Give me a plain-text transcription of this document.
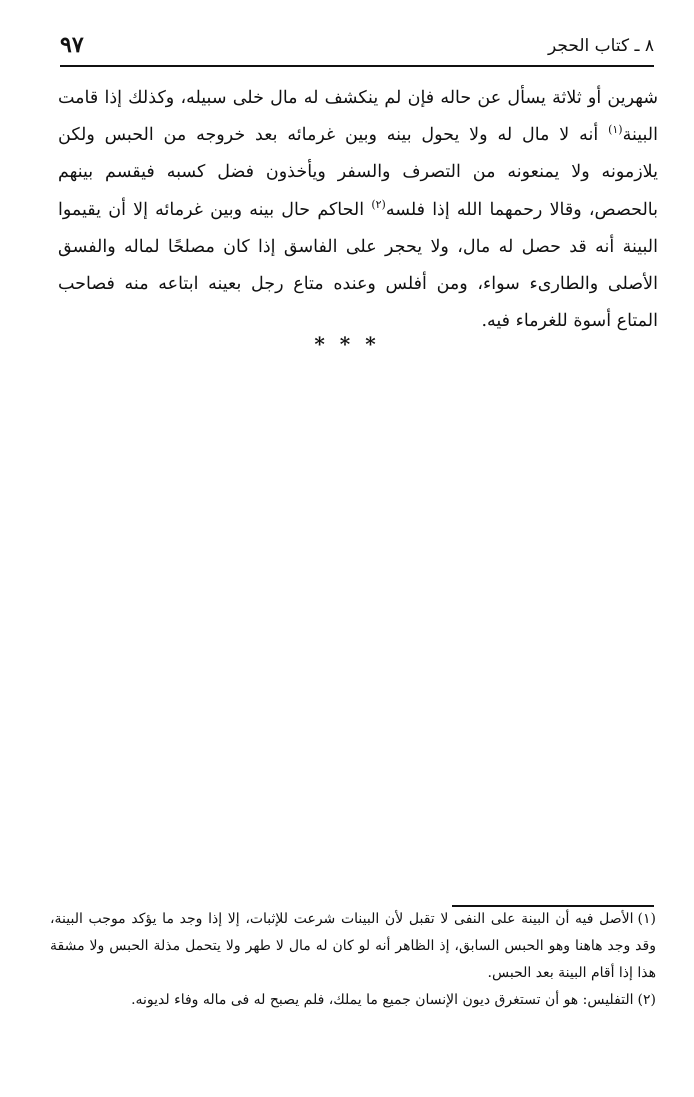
٩٧	٨ ـ كتاب الحجر

شهرين أو ثلاثة يسأل عن حاله فإن لم ينكشف له مال خلى سبيله، وكذلك إذا قامت البينة$^{(١)}$ أنه لا مال له ولا يحول بينه وبين غرمائه بعد خروجه من الحبس ولكن يلازمونه ولا يمنعونه من التصرف والسفر ويأخذون فضل كسبه فيقسم بينهم بالحصص، وقالا رحمهما الله إذا فلسه$^{(٢)}$ الحاكم حال بينه وبين غرمائه إلا أن يقيموا البينة أنه قد حصل له مال، ولا يحجر على الفاسق إذا كان مصلحًا لماله والفسق الأصلى والطارىء سواء، ومن أفلس وعنده متاع رجل بعينه ابتاعه منه فصاحب المتاع أسوة للغرماء فيه.

* * *

(١)الأصل فيه أن البينة على النفى لا تقبل لأن البينات شرعت للإثبات، إلا إذا وجد ما يؤكد موجب البينة، وقد وجد هاهنا وهو الحبس السابق، إذ الظاهر أنه لو كان له مال لا طهر ولا يتحمل مذلة الحبس ولا مشقة هذا إذا أقام البينة بعد الحبس.

(٢)التفليس: هو أن تستغرق ديون الإنسان جميع ما يملك، فلم يصبح له فى ماله وفاء لديونه.
